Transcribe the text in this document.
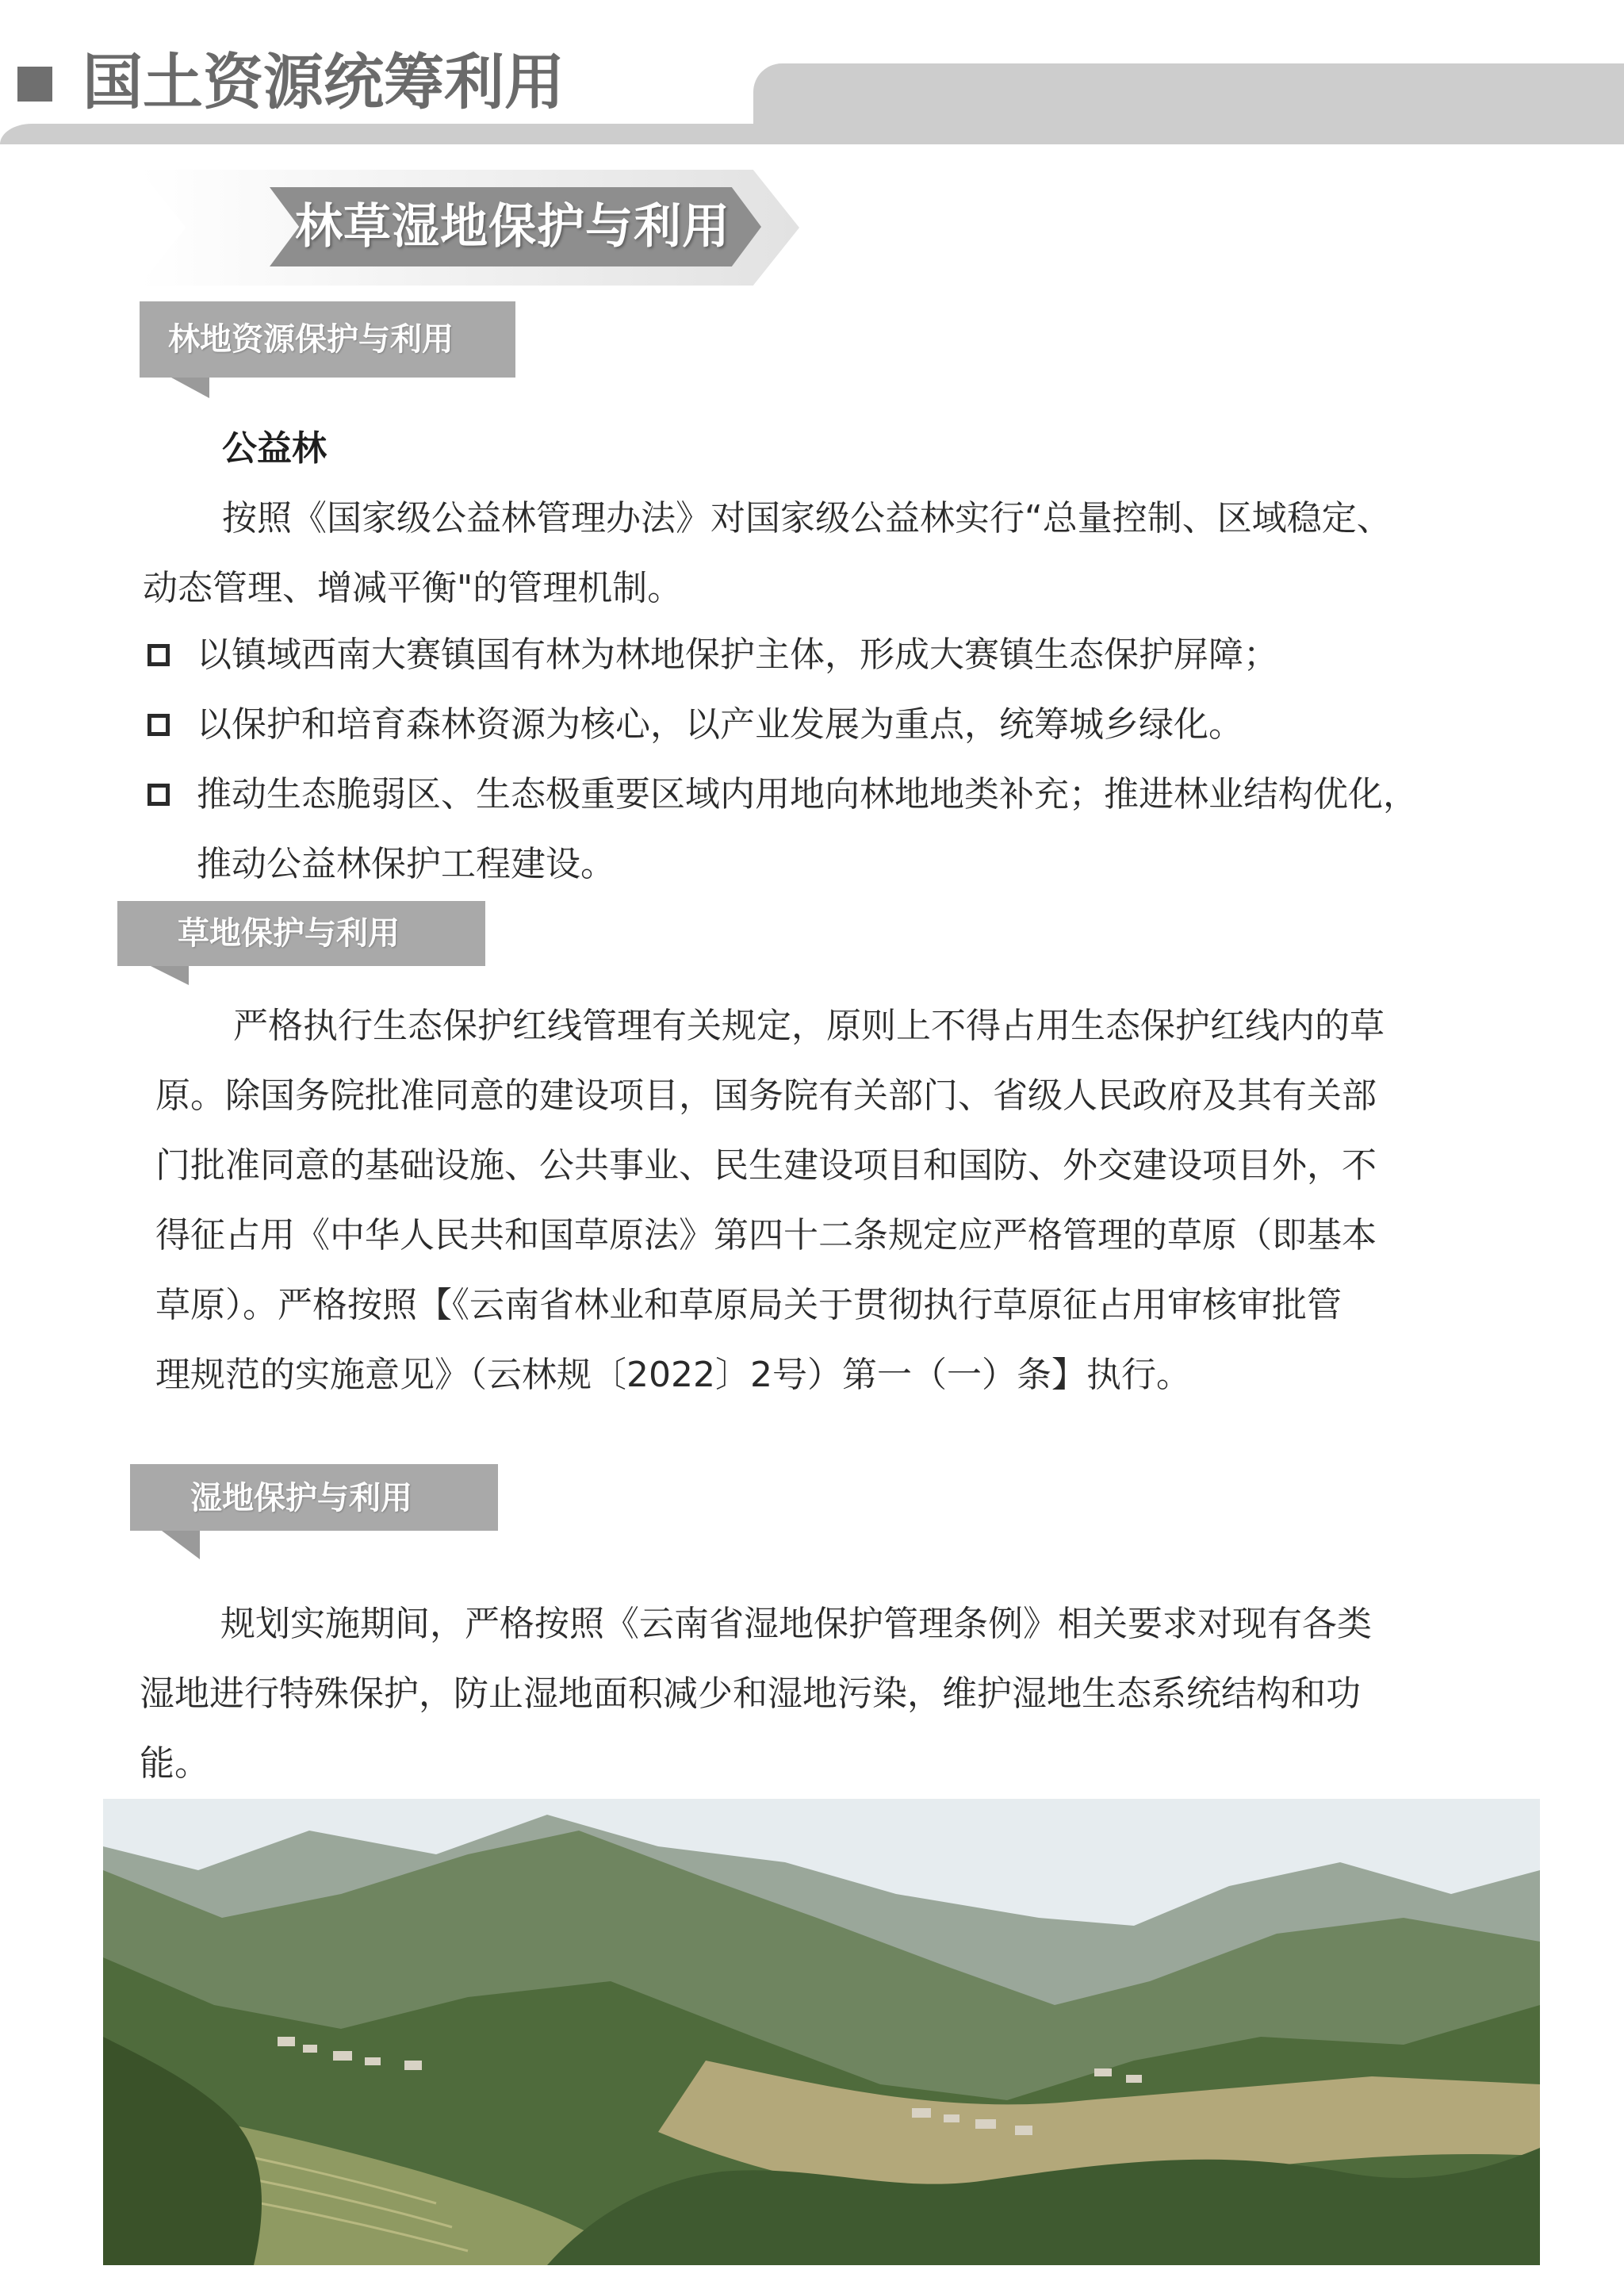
国土资源统筹利用
林草湿地保护与利用
林地资源保护与利用
公益林
按照《国家级公益林管理办法》对国家级公益林实行“总量控制、区域稳定、
动态管理、增减平衡"的管理机制。
以镇域西南大赛镇国有林为林地保护主体，形成大赛镇生态保护屏障；
以保护和培育森林资源为核心，以产业发展为重点，统筹城乡绿化。
推动生态脆弱区、生态极重要区域内用地向林地地类补充；推进林业结构优化，
推动公益林保护工程建设。
草地保护与利用
严格执行生态保护红线管理有关规定，原则上不得占用生态保护红线内的草
原。除国务院批准同意的建设项目，国务院有关部门、省级人民政府及其有关部
门批准同意的基础设施、公共事业、民生建设项目和国防、外交建设项目外，不
得征占用《中华人民共和国草原法》第四十二条规定应严格管理的草原（即基本
草原）。严格按照【《云南省林业和草原局关于贯彻执行草原征占用审核审批管
理规范的实施意见》（云林规〔2022〕2号）第一（一）条】执行。
湿地保护与利用
规划实施期间，严格按照《云南省湿地保护管理条例》相关要求对现有各类
湿地进行特殊保护，防止湿地面积减少和湿地污染，维护湿地生态系统结构和功
能。
